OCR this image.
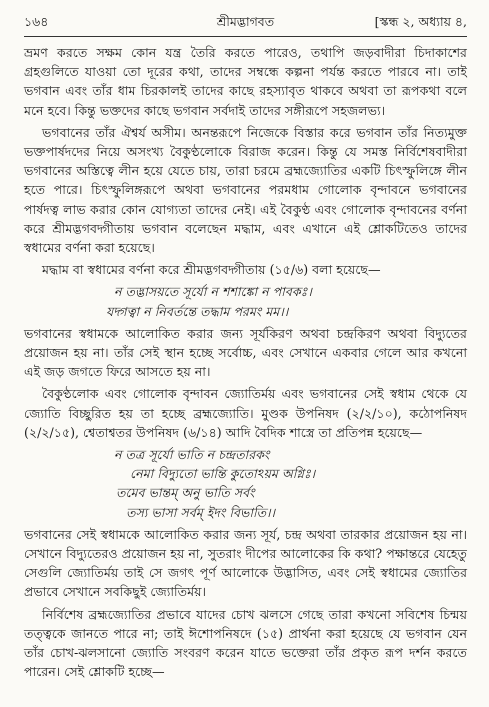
১৬৪	শ্রীমদ্ভাগবত	[স্কন্ধ ২, অধ্যায় ৪,

ভ্রমণ করতে সক্ষম কোন যন্ত্র তৈরি করতে পারেও, তথাপি জড়বাদীরা চিদাকাশের গ্রহগুলিতে যাওয়া তো দূরের কথা, তাদের সম্বন্ধে কল্পনা পর্যন্ত করতে পারবে না। তাই ভগবান এবং তাঁর ধাম চিরকালই তাদের কাছে রহস্যাবৃত থাকবে অথবা তা রূপকথা বলে মনে হবে। কিন্তু ভক্তদের কাছে ভগবান সর্বদাই তাদের সঙ্গীরূপে সহজলভ্য।

ভগবানের তাঁর ঐশ্বর্য অসীম। অনন্তরূপে নিজেকে বিস্তার করে ভগবান তাঁর নিত্যমুক্ত ভক্তপার্ষদদের নিয়ে অসংখ্য বৈকুণ্ঠলোকে বিরাজ করেন। কিন্তু যে সমস্ত নির্বিশেষবাদীরা ভগবানের অস্তিত্বে লীন হয়ে যেতে চায়, তারা চরমে ব্রহ্মজ্যোতির একটি চিৎস্ফুলিঙ্গে লীন হতে পারে। চিৎস্ফুলিঙ্গরূপে অথবা ভগবানের পরমধাম গোলোক বৃন্দাবনে ভগবানের পার্ষদত্ব লাভ করার কোন যোগ্যতা তাদের নেই। এই বৈকুণ্ঠ এবং গোলোক বৃন্দাবনের বর্ণনা করে শ্রীমদ্ভগবদ্গীতায় ভগবান বলেছেন মদ্ধাম, এবং এখানে এই শ্লোকটিতেও তাদের স্বধামের বর্ণনা করা হয়েছে।

মদ্ধাম বা স্বধামের বর্ণনা করে শ্রীমদ্ভগবদ্গীতায় (১৫/৬) বলা হয়েছে—

ন তদ্ভাসয়তে সূর্যো ন শশাঙ্কো ন পাবকঃ।
যদ্গত্বা ন নিবর্তন্তে তদ্ধাম পরমং মম।।

ভগবানের স্বধামকে আলোকিত করার জন্য সূর্যকিরণ অথবা চন্দ্রকিরণ অথবা বিদ্যুতের প্রয়োজন হয় না। তাঁর সেই স্থান হচ্ছে সর্বোচ্চ, এবং সেখানে একবার গেলে আর কখনো এই জড় জগতে ফিরে আসতে হয় না।

বৈকুণ্ঠলোক এবং গোলোক বৃন্দাবন জ্যোতির্ময় এবং ভগবানের সেই স্বধাম থেকে যে জ্যোতি বিচ্ছুরিত হয় তা হচ্ছে ব্রহ্মজ্যোতি। মুণ্ডক উপনিষদ (২/২/১০), কঠোপনিষদ (২/২/১৫), শ্বেতাশ্বতর উপনিষদ (৬/১৪) আদি বৈদিক শাস্ত্রে তা প্রতিপন্ন হয়েছে—

ন তত্র সূর্যো ভাতি ন চন্দ্রতারকং
নেমা বিদ্যুতো ভান্তি কুতোঽয়ম অগ্নিঃ।
তমেব ভান্তম্ অনু ভাতি সর্বং
তস্য ভাসা সর্বম্ ইদং বিভাতি।।

ভগবানের সেই স্বধামকে আলোকিত করার জন্য সূর্য, চন্দ্র অথবা তারকার প্রয়োজন হয় না। সেখানে বিদ্যুতেরও প্রয়োজন হয় না, সুতরাং দীপের আলোকের কি কথা? পক্ষান্তরে যেহেতু সেগুলি জ্যোতির্ময় তাই সে জগৎ পূর্ণ আলোকে উদ্ভাসিত, এবং সেই স্বধামের জ্যোতির প্রভাবে সেখানে সবকিছুই জ্যোতির্ময়।

নির্বিশেষ ব্রহ্মজ্যোতির প্রভাবে যাদের চোখ ঝলসে গেছে তারা কখনো সবিশেষ চিন্ময় তত্ত্বকে জানতে পারে না; তাই ঈশোপনিষদে (১৫) প্রার্থনা করা হয়েছে যে ভগবান যেন তাঁর চোখ-ঝলসানো জ্যোতি সংবরণ করেন যাতে ভক্তেরা তাঁর প্রকৃত রূপ দর্শন করতে পারেন। সেই শ্লোকটি হচ্ছে—
